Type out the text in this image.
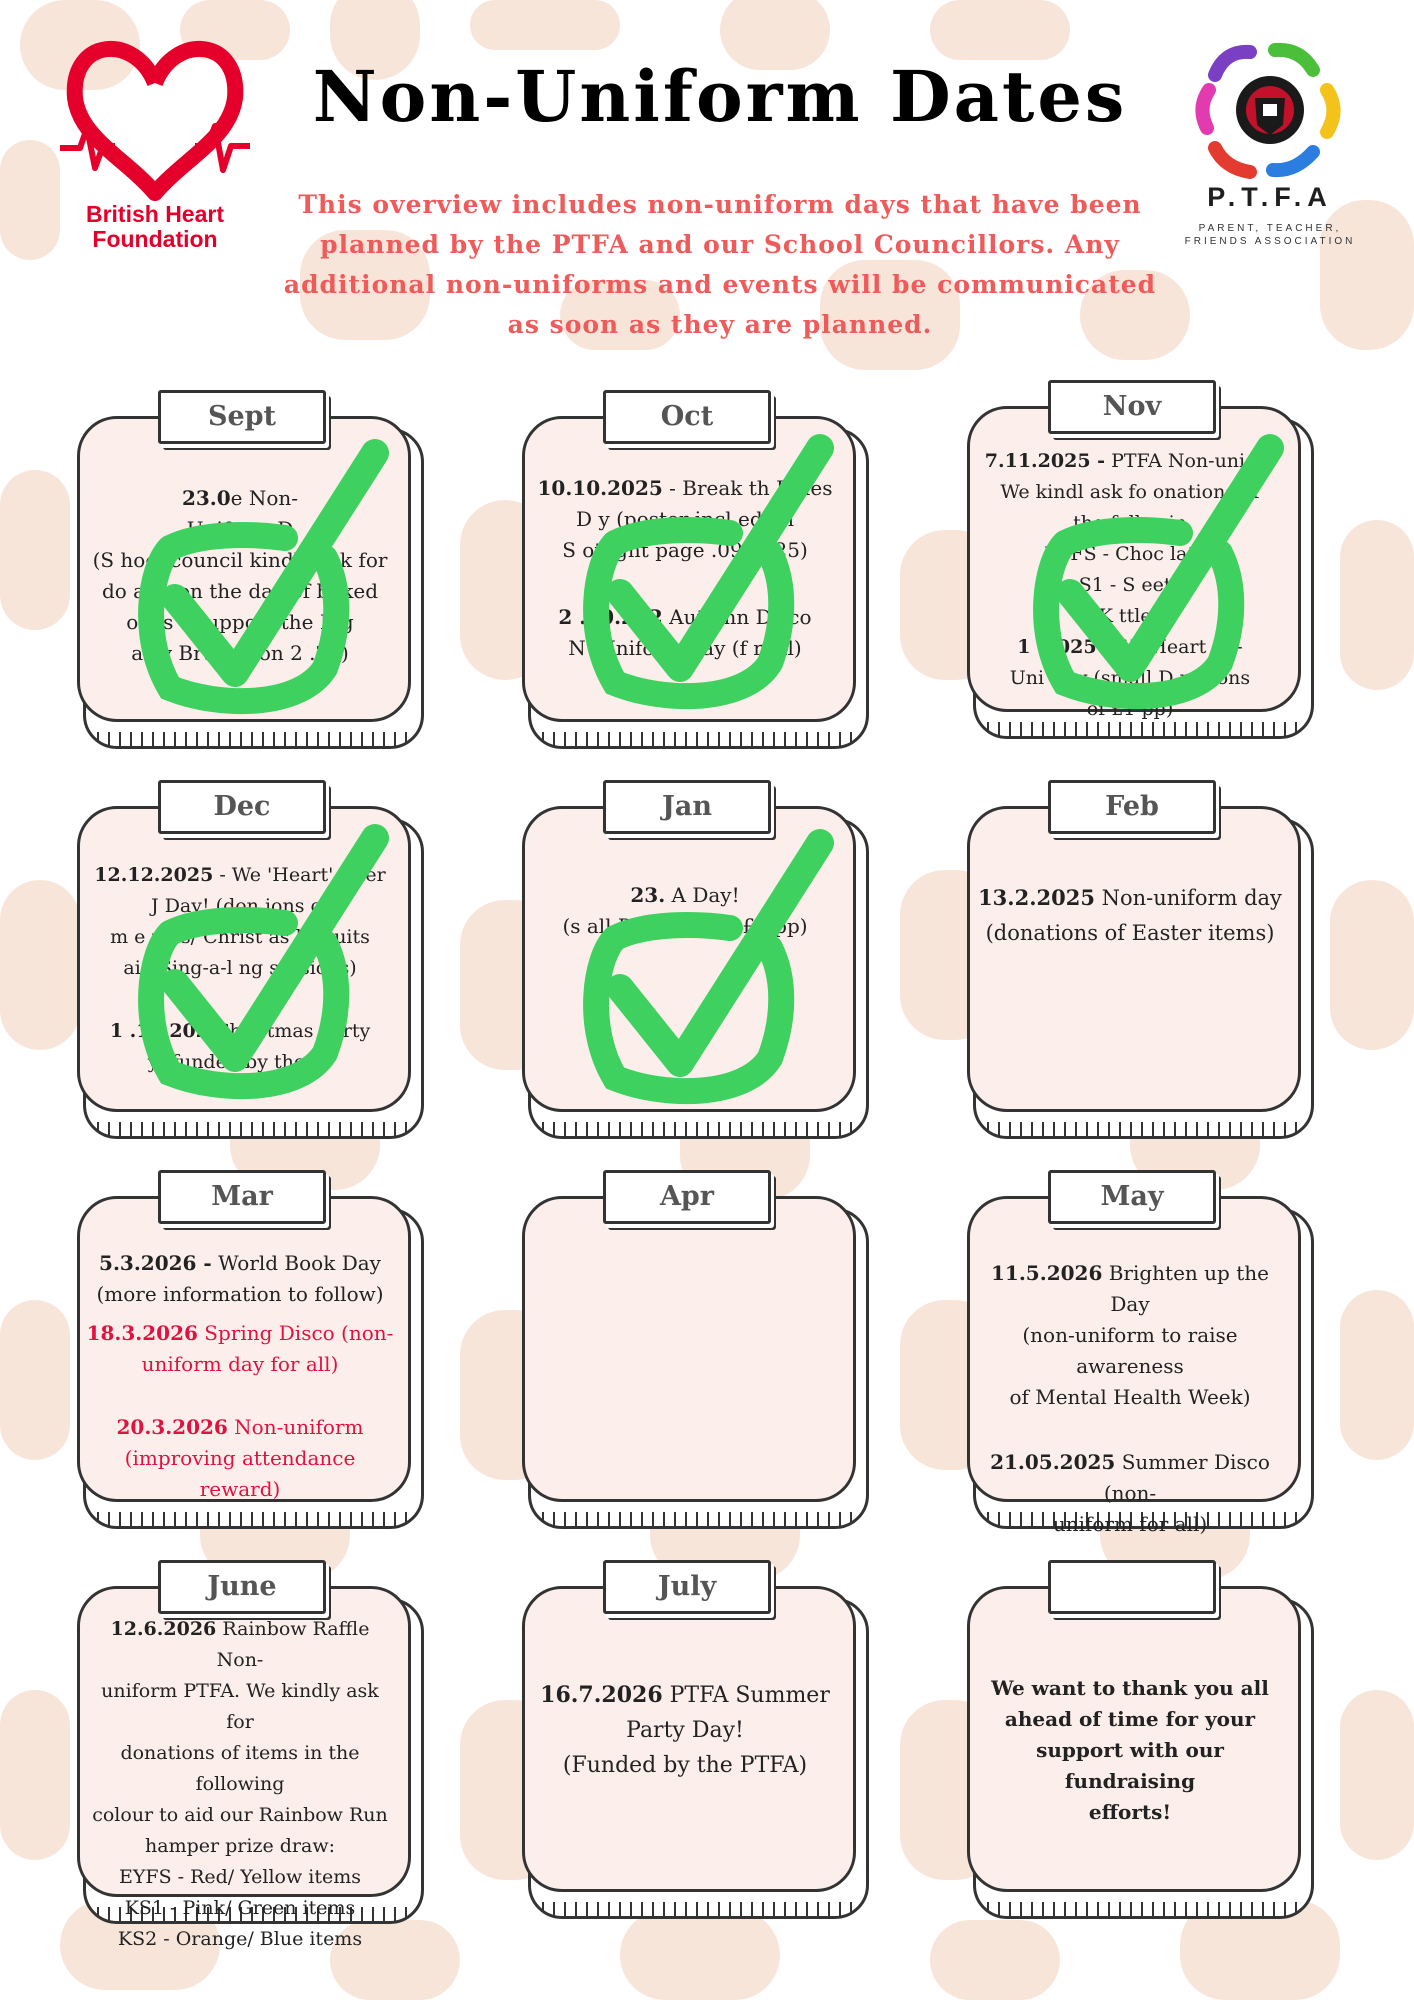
British Heart
Foundation
P.T.F.A
PARENT, TEACHER,
FRIENDS ASSOCIATION
Non-Uniform Dates
This overview includes non-uniform days that have been planned by the PTFA and our School Councillors. Any additional non-uniforms and events will be communicated as soon as they are planned.
Sept
23.0e Non-
Uniform D
(S hool council kindly ask for
do atio on the day of baked
oods to upport the Big
arty Brunch on 2 .25)
Oct
10.10.2025 - Break th Rules
D y (poster incl ed on
S otlight page .09.2025)
2 .10.202 Autumn Disco
N -Uniform day (f r all)
Nov
7.11.2025 - PTFA Non-uni m.
We kindl ask fo onations of
the followin
EYFS - Choc lates
S1 - S eets
K ttles
1 .2025 - We Heart m -
Uni Day (small D nations
of £1 pp)
Dec
12.12.2025 - We 'Heart' inter
J Day! (don ions of
m e pies/ Christ as biscuits
aid Sing-a-l ng sessions)
1 .12.202 Christmas Party
y (funded by the A)
Jan
23. A Day!
(s all Donation of £1 pp)
Feb
13.2.2025 Non-uniform day
(donations of Easter items)
Mar
5.3.2026 - World Book Day
(more information to follow)
18.3.2026 Spring Disco (non-
uniform day for all)
20.3.2026 Non-uniform
(improving attendance
reward)
Apr	May
11.5.2026 Brighten up the Day
(non-uniform to raise awareness
of Mental Health Week)
21.05.2025 Summer Disco (non-
uniform for all)
June
12.6.2026 Rainbow Raffle Non-
uniform PTFA. We kindly ask for
donations of items in the following
colour to aid our Rainbow Run
hamper prize draw:
EYFS - Red/ Yellow items
KS1 - Pink/ Green items
KS2 - Orange/ Blue items
July
16.7.2026 PTFA Summer
Party Day!
(Funded by the PTFA)
We want to thank you all
ahead of time for your
support with our fundraising
efforts!
